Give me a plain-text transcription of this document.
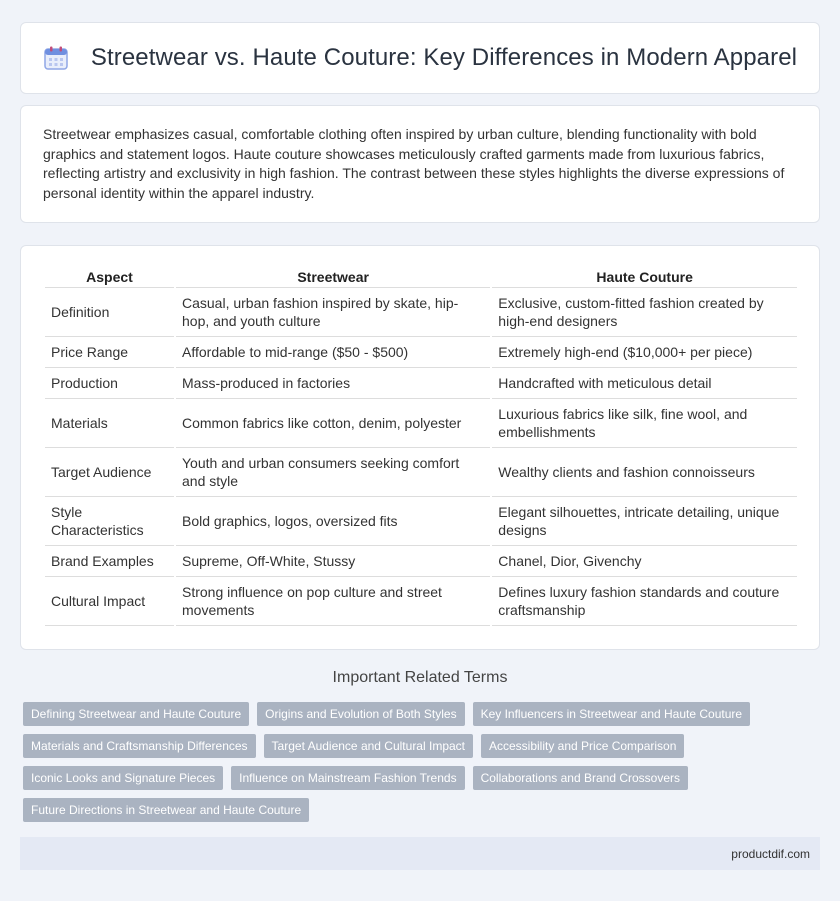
Streetwear vs. Haute Couture: Key Differences in Modern Apparel

Streetwear emphasizes casual, comfortable clothing often inspired by urban culture, blending functionality with bold graphics and statement logos. Haute couture showcases meticulously crafted garments made from luxurious fabrics, reflecting artistry and exclusivity in high fashion. The contrast between these styles highlights the diverse expressions of personal identity within the apparel industry.

Aspect	Streetwear	Haute Couture
Definition	Casual, urban fashion inspired by skate, hip-hop, and youth culture	Exclusive, custom-fitted fashion created by high-end designers
Price Range	Affordable to mid-range ($50 - $500)	Extremely high-end ($10,000+ per piece)
Production	Mass-produced in factories	Handcrafted with meticulous detail
Materials	Common fabrics like cotton, denim, polyester	Luxurious fabrics like silk, fine wool, and embellishments
Target Audience	Youth and urban consumers seeking comfort and style	Wealthy clients and fashion connoisseurs
Style Characteristics	Bold graphics, logos, oversized fits	Elegant silhouettes, intricate detailing, unique designs
Brand Examples	Supreme, Off-White, Stussy	Chanel, Dior, Givenchy
Cultural Impact	Strong influence on pop culture and street movements	Defines luxury fashion standards and couture craftsmanship
Important Related Terms
Defining Streetwear and Haute Couture	Origins and Evolution of Both Styles	Key Influencers in Streetwear and Haute Couture
Materials and Craftsmanship Differences	Target Audience and Cultural Impact	Accessibility and Price Comparison
Iconic Looks and Signature Pieces	Influence on Mainstream Fashion Trends	Collaborations and Brand Crossovers
Future Directions in Streetwear and Haute Couture
productdif.com
